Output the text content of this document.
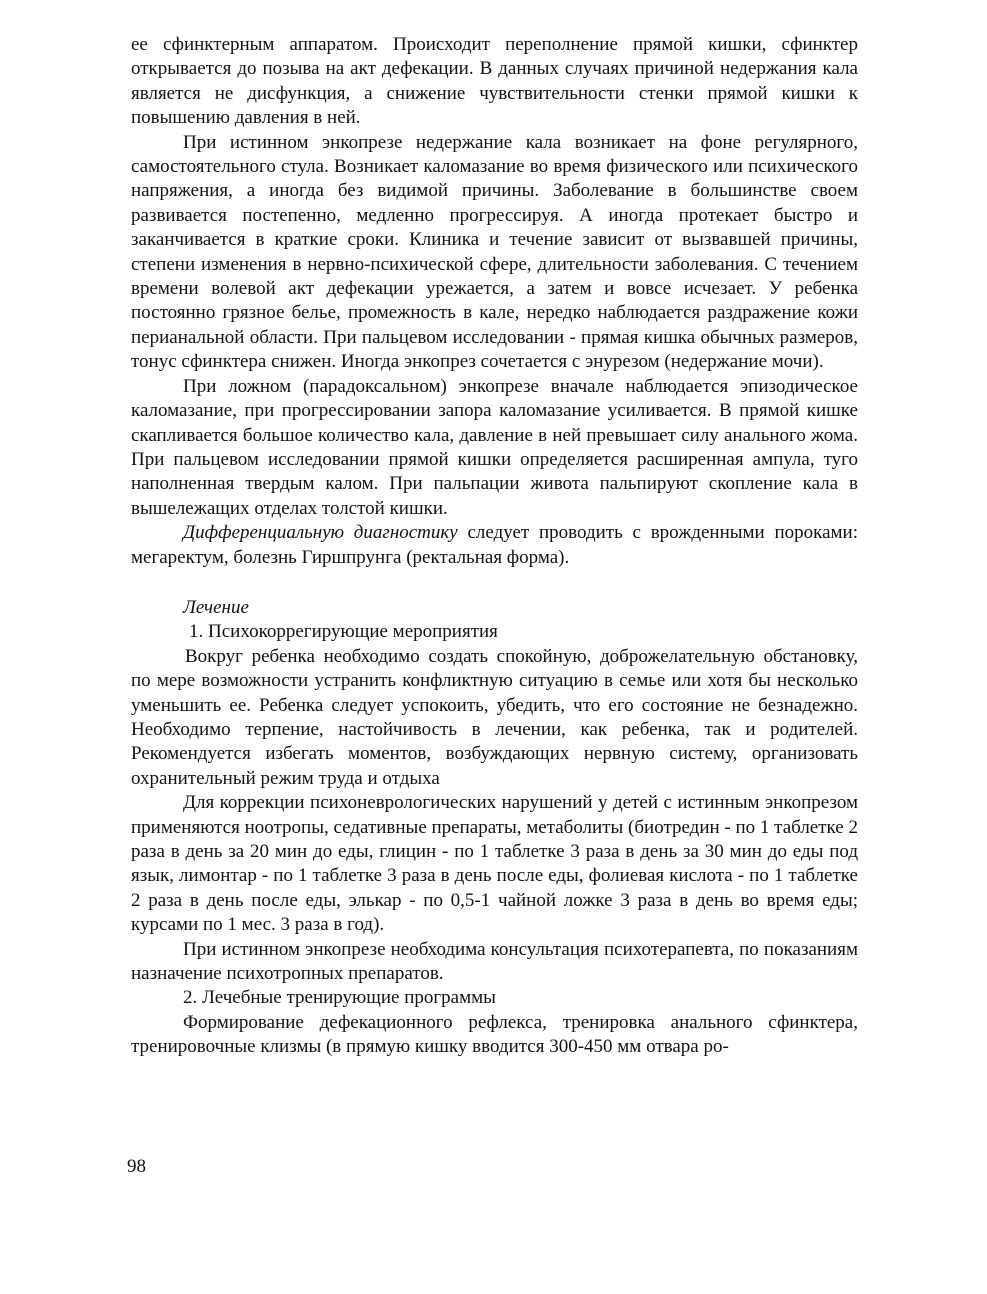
ее сфинктерным аппаратом. Происходит переполнение прямой кишки, сфинктер открывается до позыва на акт дефекации. В данных случаях причиной недержания кала является не дисфункция, а снижение чувствительности стенки прямой кишки к повышению давления в ней.

При истинном энкопрезе недержание кала возникает на фоне регулярного, самостоятельного стула. Возникает каломазание во время физического или психического напряжения, а иногда без видимой причины. Заболевание в большинстве своем развивается постепенно, медленно прогрессируя. А иногда протекает быстро и заканчивается в краткие сроки. Клиника и течение зависит от вызвавшей причины, степени изменения в нервно-психической сфере, длительности заболевания. С течением времени волевой акт дефекации урежается, а затем и вовсе исчезает. У ребенка постоянно грязное белье, промежность в кале, нередко наблюдается раздражение кожи перианальной области. При пальцевом исследовании - прямая кишка обычных размеров, тонус сфинктера снижен. Иногда энкопрез сочетается с энурезом (недержание мочи).

При ложном (парадоксальном) энкопрезе вначале наблюдается эпизодическое каломазание, при прогрессировании запора каломазание усиливается. В прямой кишке скапливается большое количество кала, давление в ней превышает силу анального жома. При пальцевом исследовании прямой кишки определяется расширенная ампула, туго наполненная твердым калом. При пальпации живота пальпируют скопление кала в вышележащих отделах толстой кишки.

Дифференциальную диагностику следует проводить с врожденными пороками: мегаректум, болезнь Гиршпрунга (ректальная форма).

Лечение

1. Психокоррегирующие мероприятия

Вокруг ребенка необходимо создать спокойную, доброжелательную обстановку, по мере возможности устранить конфликтную ситуацию в семье или хотя бы несколько уменьшить ее. Ребенка следует успокоить, убедить, что его состояние не безнадежно. Необходимо терпение, настойчивость в лечении, как ребенка, так и родителей. Рекомендуется избегать моментов, возбуждающих нервную систему, организовать охранительный режим труда и отдыха

Для коррекции психоневрологических нарушений у детей с истинным энкопрезом применяются ноотропы, седативные препараты, метаболиты (биотредин - по 1 таблетке 2 раза в день за 20 мин до еды, глицин - по 1 таблетке 3 раза в день за 30 мин до еды под язык, лимонтар - по 1 таблетке 3 раза в день после еды, фолиевая кислота - по 1 таблетке 2 раза в день после еды, элькар - по 0,5-1 чайной ложке 3 раза в день во время еды; курсами по 1 мес. 3 раза в год).

При истинном энкопрезе необходима консультация психотерапевта, по показаниям назначение психотропных препаратов.

2. Лечебные тренирующие программы

Формирование дефекационного рефлекса, тренировка анального сфинктера, тренировочные клизмы (в прямую кишку вводится 300-450 мм отвара ро-

98
